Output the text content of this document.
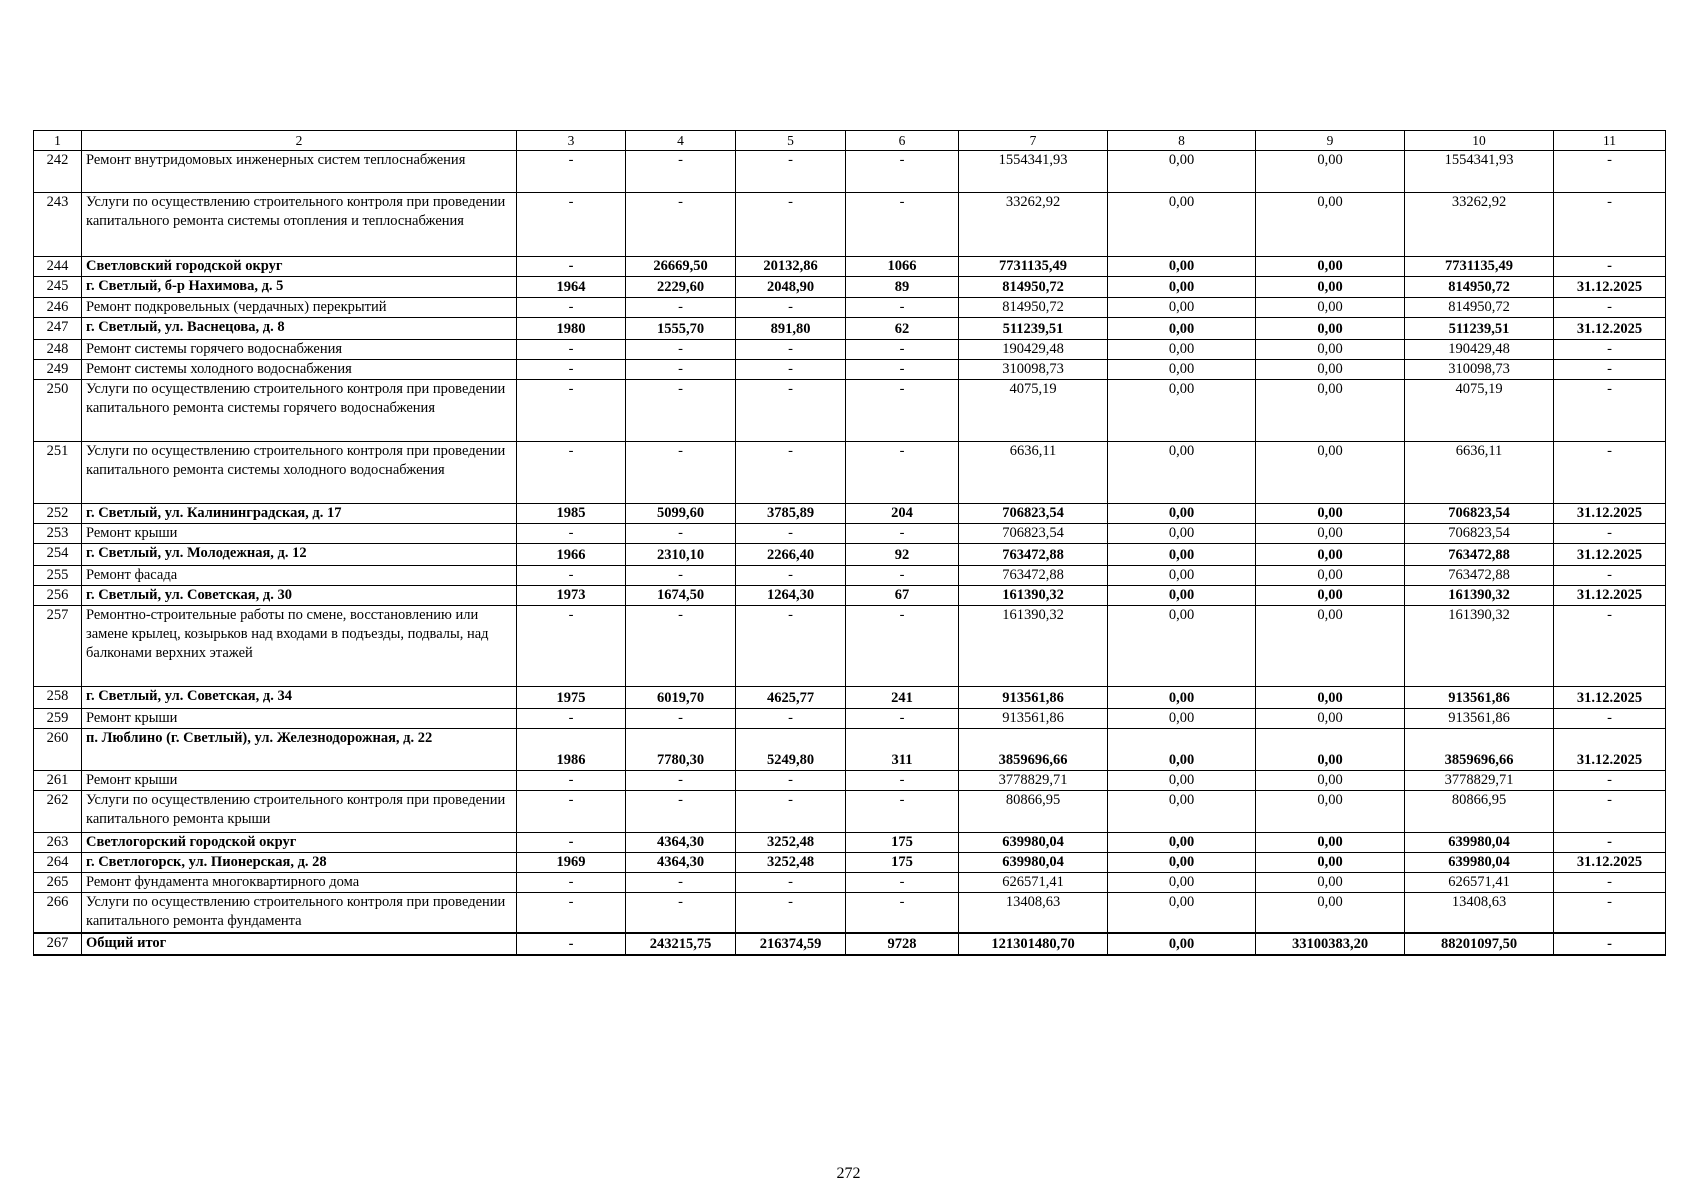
1	2	3	4	5	6	7	8	9	10	11
242	Ремонт внутридомовых инженерных систем теплоснабжения	-	-	-	-	1554341,93	0,00	0,00	1554341,93	-
243	Услуги по осуществлению строительного контроля при проведении капитального ремонта системы отопления и теплоснабжения	-	-	-	-	33262,92	0,00	0,00	33262,92	-
244	Светловский городской округ	-	26669,50	20132,86	1066	7731135,49	0,00	0,00	7731135,49	-
245	г. Светлый, б-р Нахимова, д. 5	1964	2229,60	2048,90	89	814950,72	0,00	0,00	814950,72	31.12.2025
246	Ремонт подкровельных (чердачных) перекрытий	-	-	-	-	814950,72	0,00	0,00	814950,72	-
247	г. Светлый, ул. Васнецова, д. 8	1980	1555,70	891,80	62	511239,51	0,00	0,00	511239,51	31.12.2025
248	Ремонт системы горячего водоснабжения	-	-	-	-	190429,48	0,00	0,00	190429,48	-
249	Ремонт системы холодного водоснабжения	-	-	-	-	310098,73	0,00	0,00	310098,73	-
250	Услуги по осуществлению строительного контроля при проведении капитального ремонта системы горячего водоснабжения	-	-	-	-	4075,19	0,00	0,00	4075,19	-
251	Услуги по осуществлению строительного контроля при проведении капитального ремонта системы холодного водоснабжения	-	-	-	-	6636,11	0,00	0,00	6636,11	-
252	г. Светлый, ул. Калининградская, д. 17	1985	5099,60	3785,89	204	706823,54	0,00	0,00	706823,54	31.12.2025
253	Ремонт крыши	-	-	-	-	706823,54	0,00	0,00	706823,54	-
254	г. Светлый, ул. Молодежная, д. 12	1966	2310,10	2266,40	92	763472,88	0,00	0,00	763472,88	31.12.2025
255	Ремонт фасада	-	-	-	-	763472,88	0,00	0,00	763472,88	-
256	г. Светлый, ул. Советская, д. 30	1973	1674,50	1264,30	67	161390,32	0,00	0,00	161390,32	31.12.2025
257	Ремонтно-строительные работы по смене, восстановлению или замене крылец, козырьков над входами в подъезды, подвалы, над балконами верхних этажей	-	-	-	-	161390,32	0,00	0,00	161390,32	-
258	г. Светлый, ул. Советская, д. 34	1975	6019,70	4625,77	241	913561,86	0,00	0,00	913561,86	31.12.2025
259	Ремонт крыши	-	-	-	-	913561,86	0,00	0,00	913561,86	-
260	п. Люблино (г. Светлый), ул. Железнодорожная, д. 22	1986	7780,30	5249,80	311	3859696,66	0,00	0,00	3859696,66	31.12.2025
261	Ремонт крыши	-	-	-	-	3778829,71	0,00	0,00	3778829,71	-
262	Услуги по осуществлению строительного контроля при проведении капитального ремонта крыши	-	-	-	-	80866,95	0,00	0,00	80866,95	-
263	Светлогорский городской округ	-	4364,30	3252,48	175	639980,04	0,00	0,00	639980,04	-
264	г. Светлогорск, ул. Пионерская, д. 28	1969	4364,30	3252,48	175	639980,04	0,00	0,00	639980,04	31.12.2025
265	Ремонт фундамента многоквартирного дома	-	-	-	-	626571,41	0,00	0,00	626571,41	-
266	Услуги по осуществлению строительного контроля при проведении капитального ремонта фундамента	-	-	-	-	13408,63	0,00	0,00	13408,63	-
267	Общий итог	-	243215,75	216374,59	9728	121301480,70	0,00	33100383,20	88201097,50	-
272
